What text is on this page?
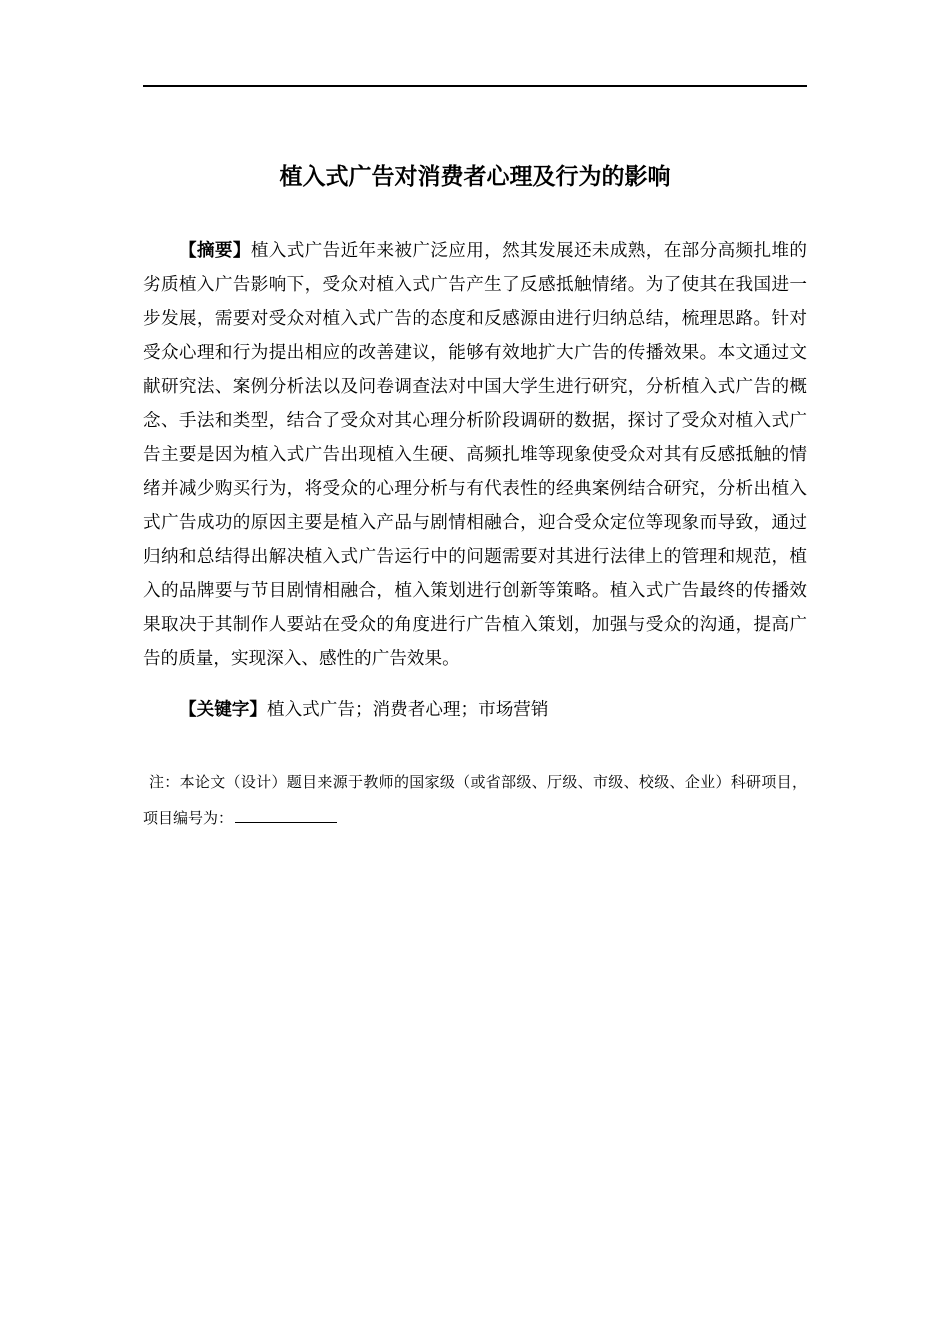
植入式广告对消费者心理及行为的影响

【摘要】植入式广告近年来被广泛应用，然其发展还未成熟，在部分高频扎堆的劣质植入广告影响下，受众对植入式广告产生了反感抵触情绪。为了使其在我国进一步发展，需要对受众对植入式广告的态度和反感源由进行归纳总结，梳理思路。针对受众心理和行为提出相应的改善建议，能够有效地扩大广告的传播效果。本文通过文献研究法、案例分析法以及问卷调查法对中国大学生进行研究，分析植入式广告的概念、手法和类型，结合了受众对其心理分析阶段调研的数据，探讨了受众对植入式广告主要是因为植入式广告出现植入生硬、高频扎堆等现象使受众对其有反感抵触的情绪并减少购买行为，将受众的心理分析与有代表性的经典案例结合研究，分析出植入式广告成功的原因主要是植入产品与剧情相融合，迎合受众定位等现象而导致，通过归纳和总结得出解决植入式广告运行中的问题需要对其进行法律上的管理和规范，植入的品牌要与节目剧情相融合，植入策划进行创新等策略。植入式广告最终的传播效果取决于其制作人要站在受众的角度进行广告植入策划，加强与受众的沟通，提高广告的质量，实现深入、感性的广告效果。

【关键字】植入式广告；消费者心理；市场营销

注：本论文（设计）题目来源于教师的国家级（或省部级、厅级、市级、校级、企业）科研项目，项目编号为：
